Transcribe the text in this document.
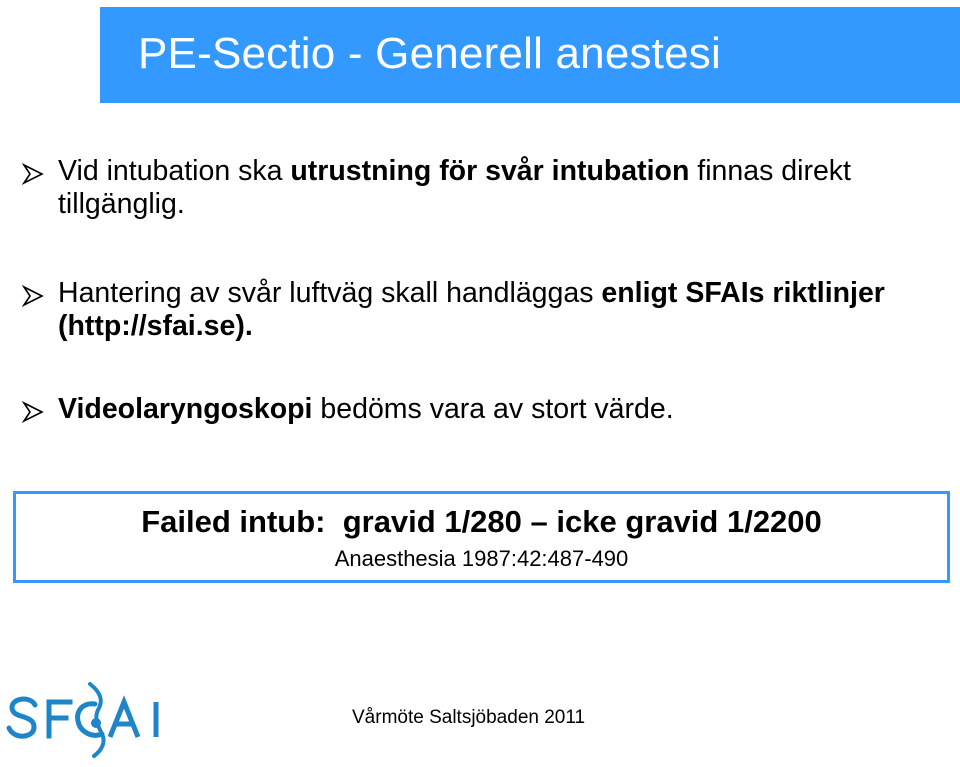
PE-Sectio - Generell anestesi
Vid intubation ska utrustning för svår intubation finnas direkt tillgänglig.
Hantering av svår luftväg skall handläggas enligt SFAIs riktlinjer (http://sfai.se).
Videolaryngoskopi bedöms vara av stort värde.
Failed intub:  gravid 1/280 – icke gravid 1/2200
Anaesthesia 1987:42:487-490
Vårmöte Saltsjöbaden 2011
